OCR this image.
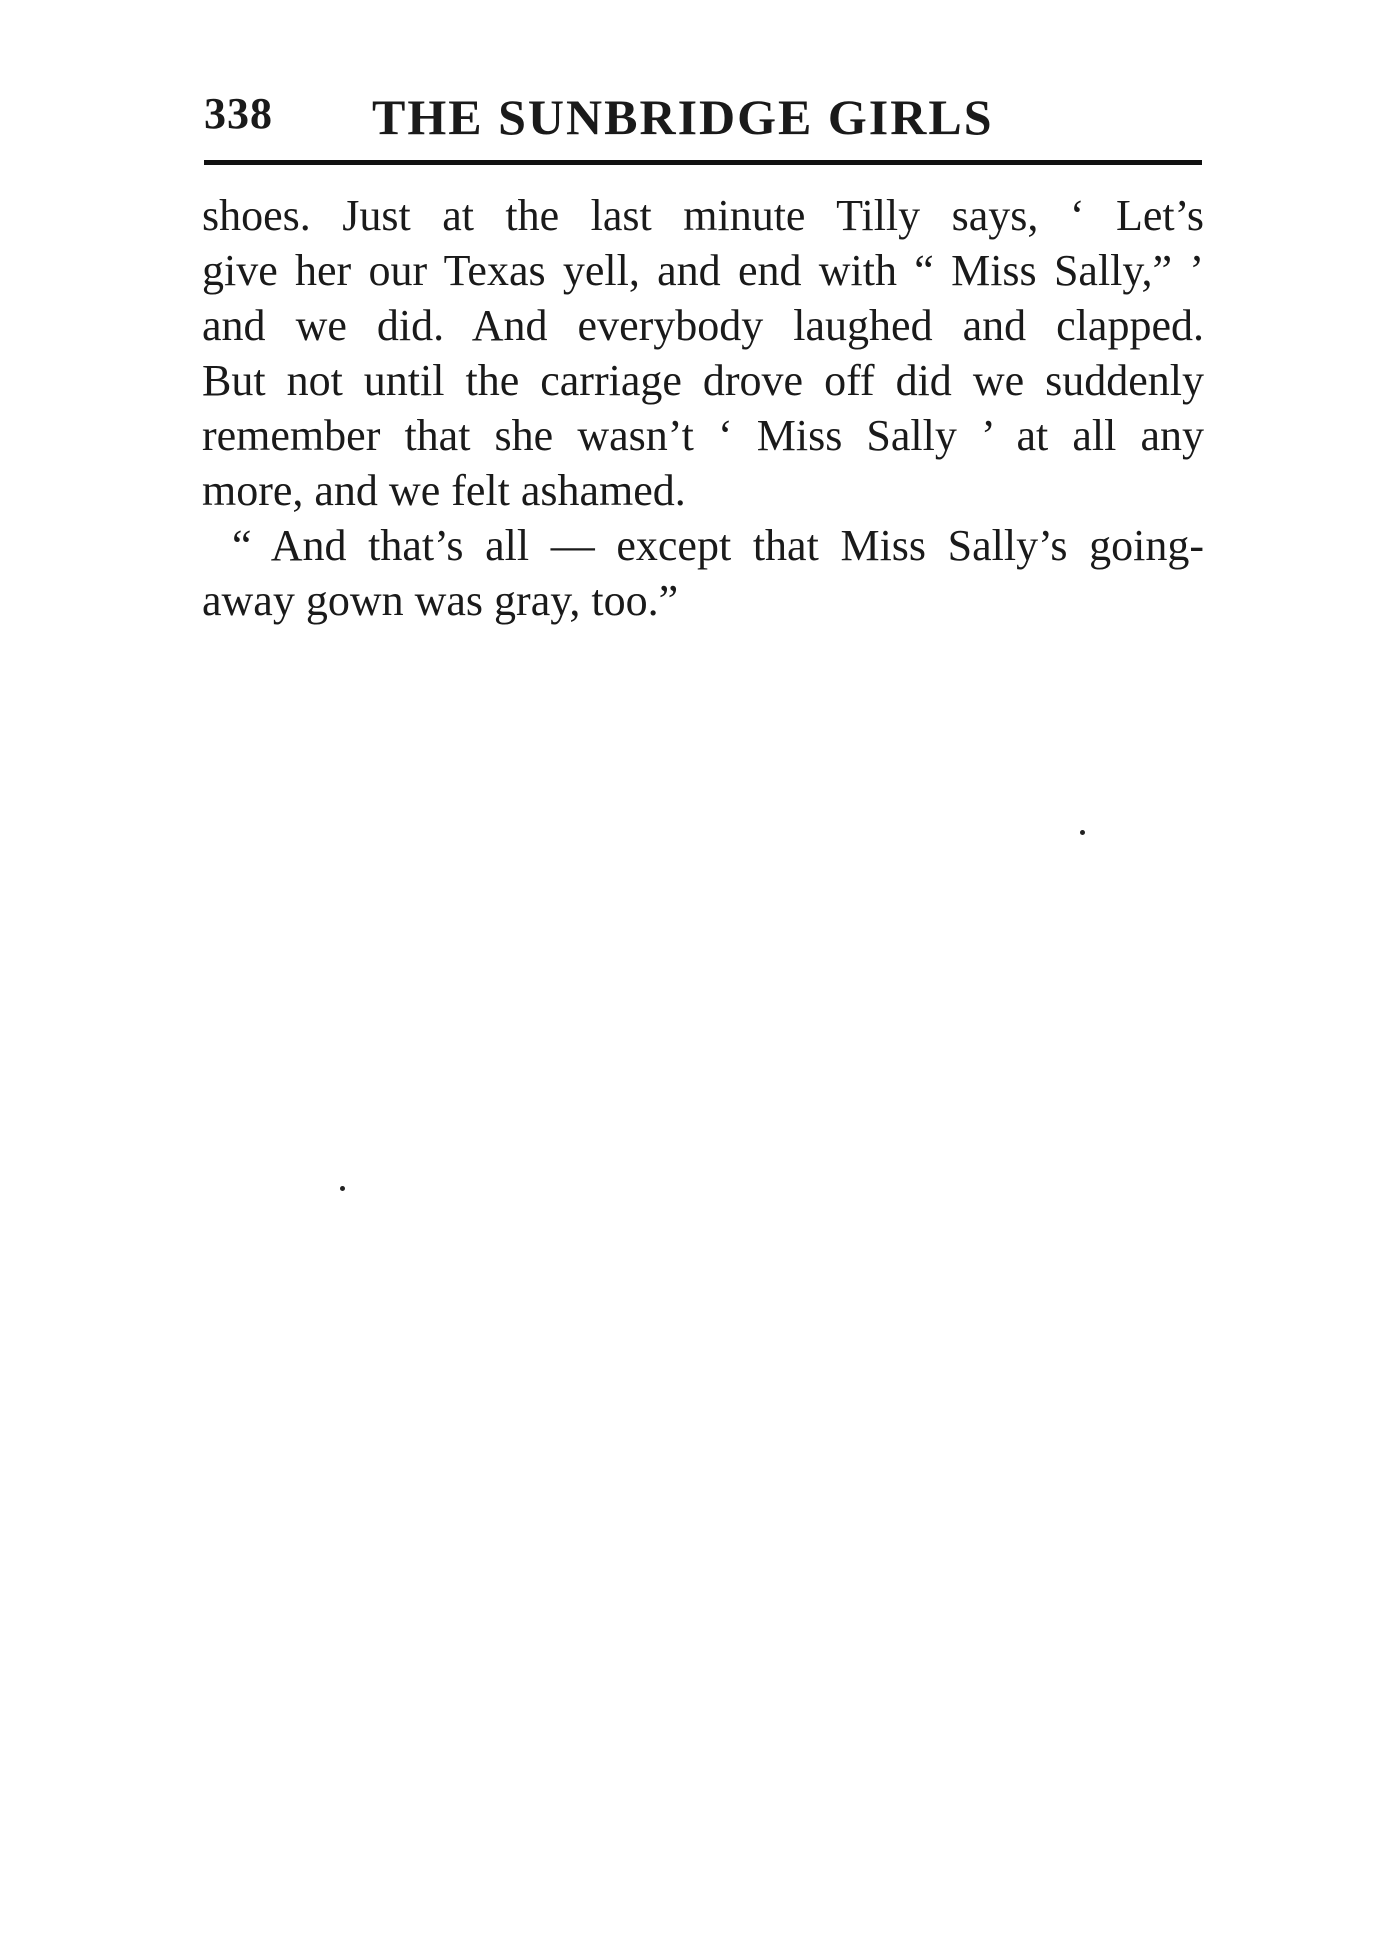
338 THE SUNBRIDGE GIRLS
shoes. Just at the last minute Tilly says, ‘ Let’s
give her our Texas yell, and end with “ Miss Sally,” ’
and we did. And everybody laughed and clapped.
But not until the carriage drove off did we suddenly
remember that she wasn’t ‘ Miss Sally ’ at all any
more, and we felt ashamed.
“ And that’s all — except that Miss Sally’s going-
away gown was gray, too.”
